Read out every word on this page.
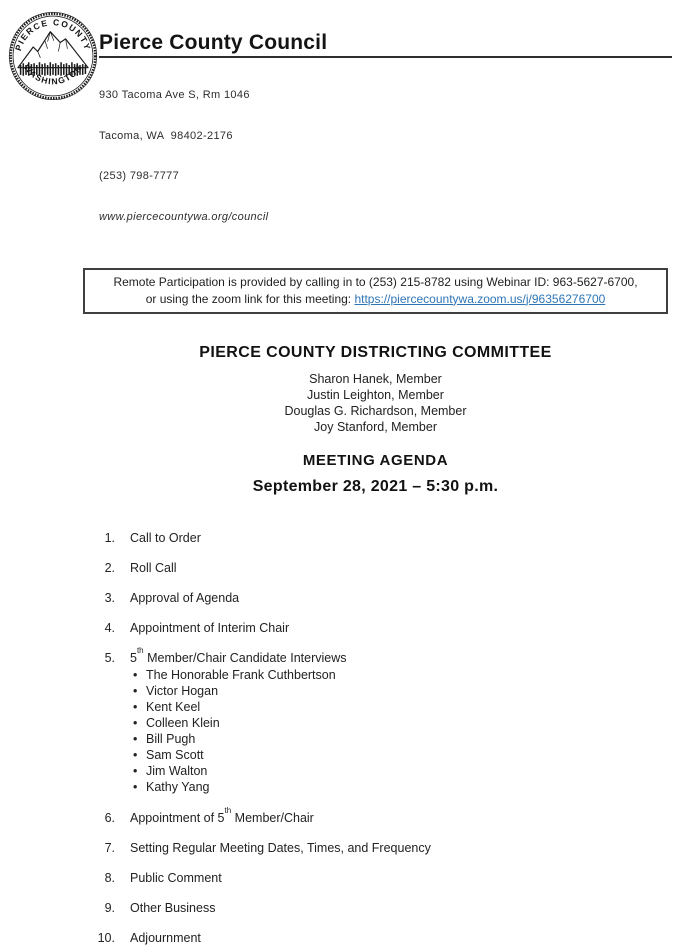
PIERCE COUNTY
WASHINGTON
Pierce County Council

930 Tacoma Ave S, Rm 1046

Tacoma, WA  98402-2176

(253) 798-7777

www.piercecountywa.org/council

Remote Participation is provided by calling in to (253) 215-8782 using Webinar ID: 963-5627-6700,
or using the zoom link for this meeting: https://piercecountywa.zoom.us/j/96356276700
PIERCE COUNTY DISTRICTING COMMITTEE
Sharon Hanek, Member
Justin Leighton, Member
Douglas G. Richardson, Member
Joy Stanford, Member
MEETING AGENDA
September 28, 2021 – 5:30 p.m.
1. Call to Order
2. Roll Call
3. Approval of Agenda
4. Appointment of Interim Chair
5. 5th Member/Chair Candidate Interviews
• The Honorable Frank Cuthbertson
• Victor Hogan
• Kent Keel
• Colleen Klein
• Bill Pugh
• Sam Scott
• Jim Walton
• Kathy Yang
6. Appointment of 5th Member/Chair
7. Setting Regular Meeting Dates, Times, and Frequency
8. Public Comment
9. Other Business
10. Adjournment
